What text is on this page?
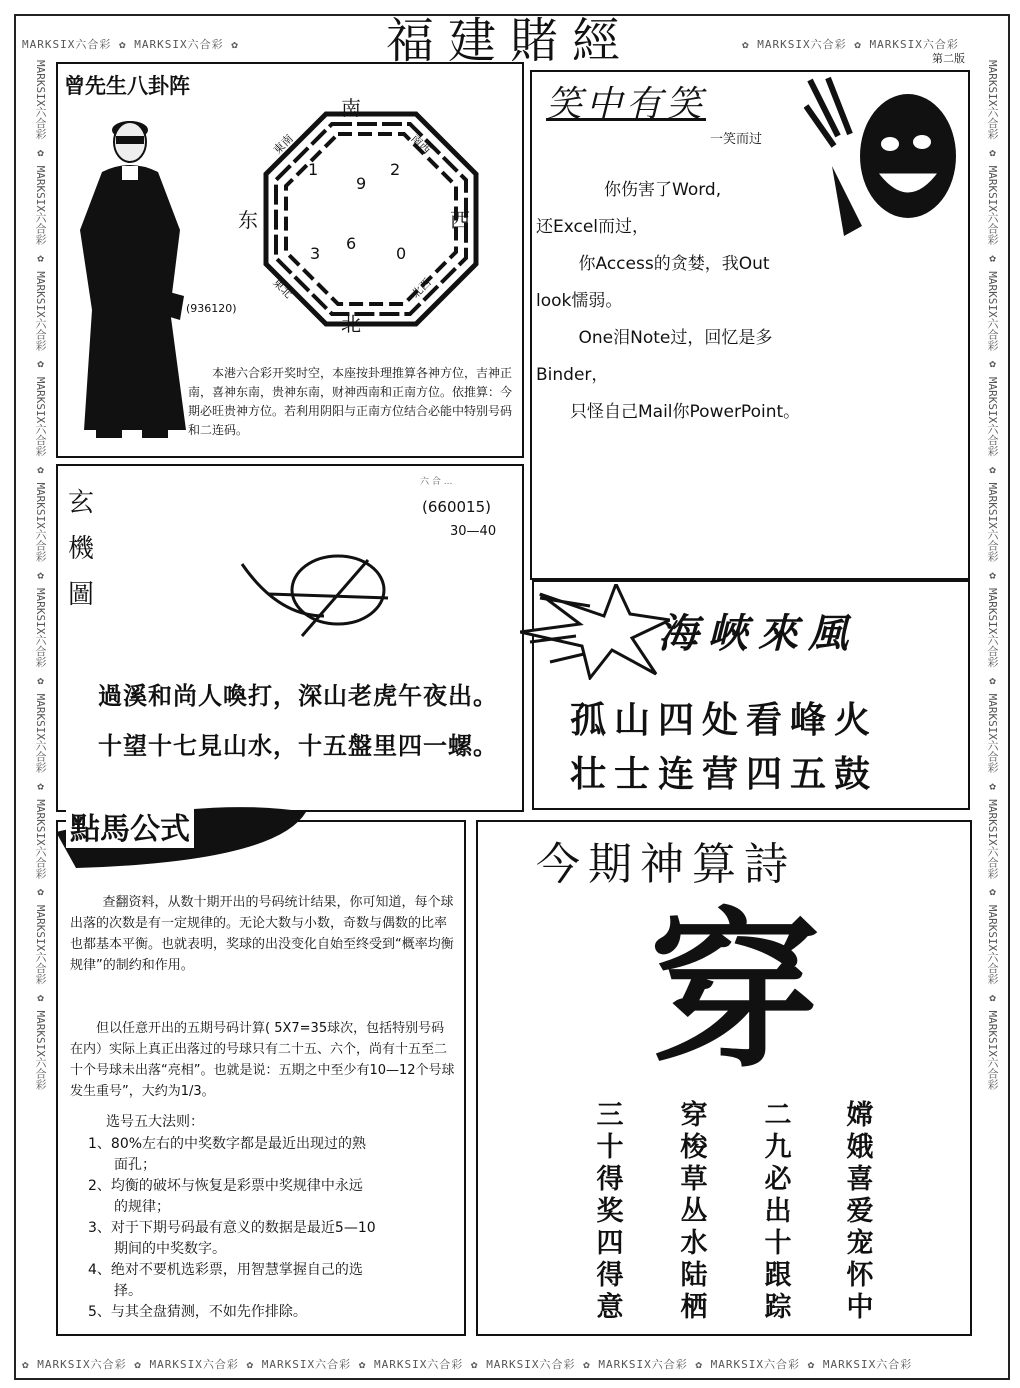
MARKSIX六合彩 ✿ MARKSIX六合彩 ✿	✿ MARKSIX六合彩 ✿ MARKSIX六合彩
✿ MARKSIX六合彩 ✿ MARKSIX六合彩 ✿ MARKSIX六合彩 ✿ MARKSIX六合彩 ✿ MARKSIX六合彩 ✿ MARKSIX六合彩 ✿ MARKSIX六合彩 ✿ MARKSIX六合彩
MARKSIX六合彩 ✿ MARKSIX六合彩 ✿ MARKSIX六合彩 ✿ MARKSIX六合彩 ✿ MARKSIX六合彩 ✿ MARKSIX六合彩 ✿ MARKSIX六合彩 ✿ MARKSIX六合彩 ✿ MARKSIX六合彩 ✿ MARKSIX六合彩
MARKSIX六合彩 ✿ MARKSIX六合彩 ✿ MARKSIX六合彩 ✿ MARKSIX六合彩 ✿ MARKSIX六合彩 ✿ MARKSIX六合彩 ✿ MARKSIX六合彩 ✿ MARKSIX六合彩 ✿ MARKSIX六合彩 ✿ MARKSIX六合彩
福建賭經	第二版
曾先生八卦阵
(936120)
南
北
东	西
東南	南西
東北	北西
1
9
2
3
6
0
本港六合彩开奖时空，本座按卦理推算各神方位，吉神正南，喜神东南，贵神东南，财神西南和正南方位。依推算：今期必旺贵神方位。若利用阴阳与正南方位结合必能中特别号码和二连码。
笑中有笑
一笑而过
你伤害了Word,
还Excel而过，
你Access的贪婪，我Out
look懦弱。
One泪Note过，回忆是多
Binder，
只怪自己Mail你PowerPoint。
玄
機
圖
六 合 ...
(660015)
30—40
過溪和尚人喚打，深山老虎午夜出。
十望十七見山水，十五盤里四一螺。
海峽來風
孤山四处看峰火
壮士连营四五鼓
點馬公式
查翻资料，从数十期开出的号码统计结果，你可知道，每个球出落的次数是有一定规律的。无论大数与小数，奇数与偶数的比率也都基本平衡。也就表明，奖球的出没变化自始至终受到“概率均衡规律”的制约和作用。
但以任意开出的五期号码计算( 5X7=35球次，包括特别号码在内）实际上真正出落过的号球只有二十五、六个，尚有十五至二十个号球未出落“亮相”。也就是说：五期之中至少有10—12个号球发生重号”，大约为1/3。
选号五大法则：
1、80%左右的中奖数字都是最近出现过的熟
面孔；
2、均衡的破坏与恢复是彩票中奖规律中永远
的规律；
3、对于下期号码最有意义的数据是最近5—10
期间的中奖数字。
4、绝对不要机选彩票，用智慧掌握自己的选
择。
5、与其全盘猜测，不如先作排除。
今期神算詩
穿
三
十
得
奖
四
得
意
穿
梭
草
丛
水
陆
栖
二
九
必
出
十
跟
踪
嫦
娥
喜
爱
宠
怀
中
